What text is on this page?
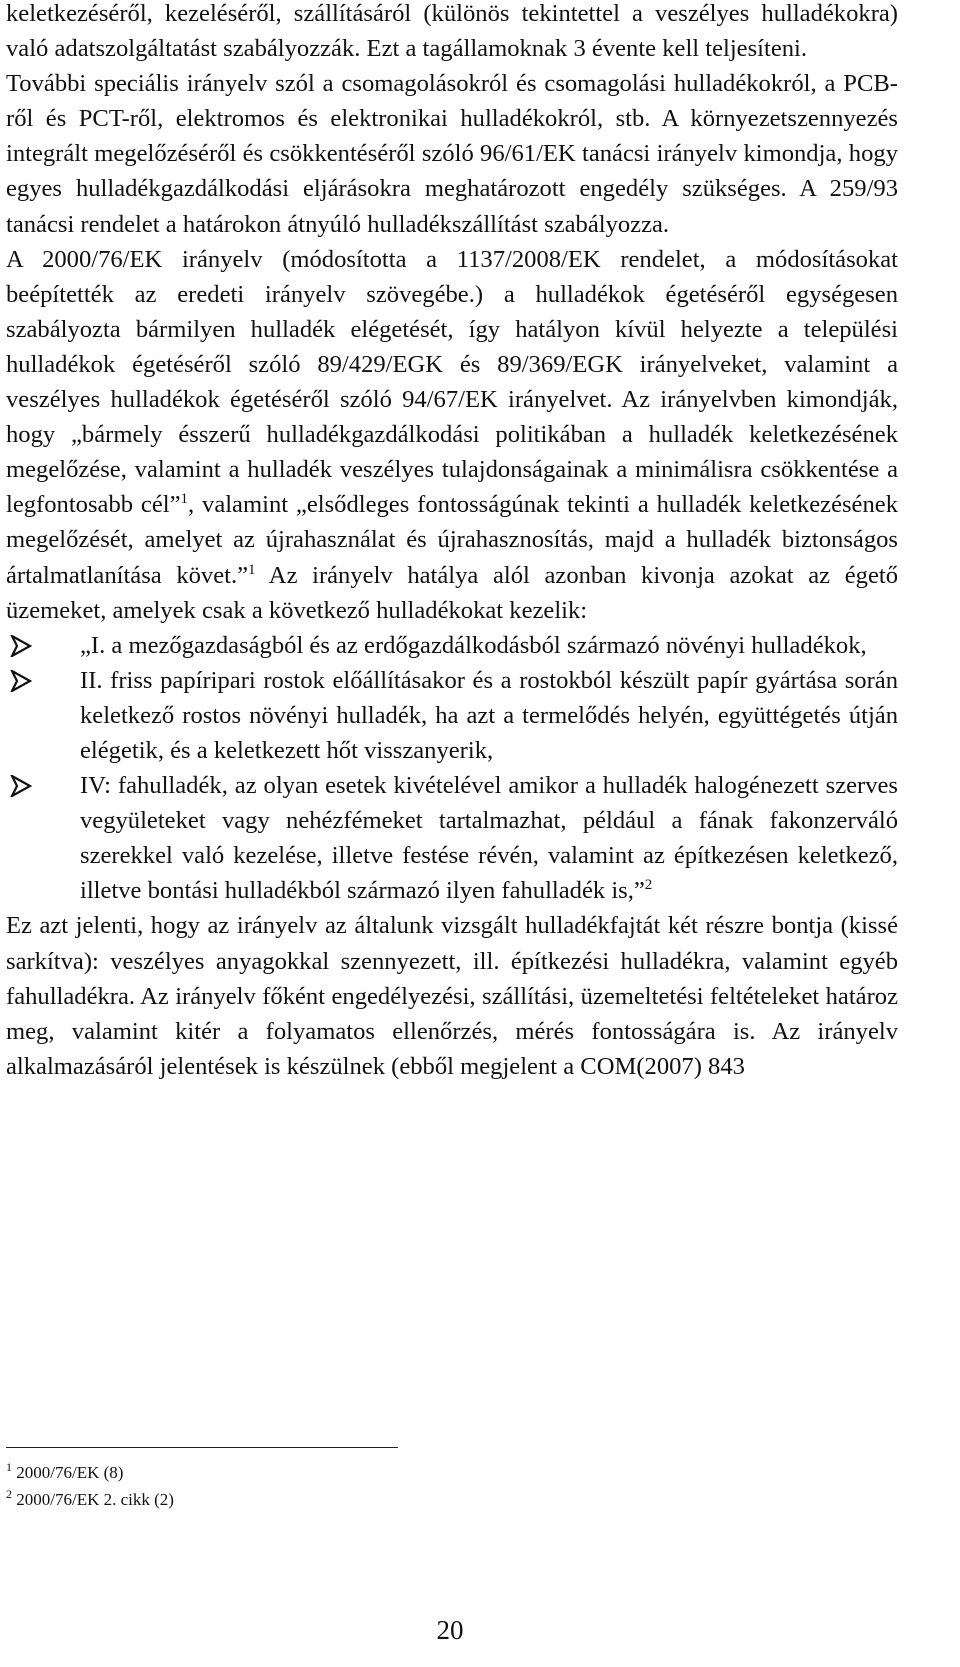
keletkezéséről, kezeléséről, szállításáról (különös tekintettel a veszélyes hulladékokra) való adatszolgáltatást szabályozzák. Ezt a tagállamoknak 3 évente kell teljesíteni.

További speciális irányelv szól a csomagolásokról és csomagolási hulladékokról, a PCB-ről és PCT-ről, elektromos és elektronikai hulladékokról, stb. A környezetszennyezés integrált megelőzéséről és csökkentéséről szóló 96/61/EK tanácsi irányelv kimondja, hogy egyes hulladékgazdálkodási eljárásokra meghatározott engedély szükséges. A 259/93 tanácsi rendelet a határokon átnyúló hulladékszállítást szabályozza.

A 2000/76/EK irányelv (módosította a 1137/2008/EK rendelet, a módosításokat beépítették az eredeti irányelv szövegébe.) a hulladékok égetéséről egységesen szabályozta bármilyen hulladék elégetését, így hatályon kívül helyezte a települési hulladékok égetéséről szóló 89/429/EGK és 89/369/EGK irányelveket, valamint a veszélyes hulladékok égetéséről szóló 94/67/EK irányelvet. Az irányelvben kimondják, hogy „bármely ésszerű hulladékgazdálkodási politikában a hulladék keletkezésének megelőzése, valamint a hulladék veszélyes tulajdonságainak a minimálisra csökkentése a legfontosabb cél”$^1$, valamint „elsődleges fontosságúnak tekinti a hulladék keletkezésének megelőzését, amelyet az újrahasználat és újrahasznosítás, majd a hulladék biztonságos ártalmatlanítása követ.”$^1$ Az irányelv hatálya alól azonban kivonja azokat az égető üzemeket, amelyek csak a következő hulladékokat kezelik:

„I. a mezőgazdaságból és az erdőgazdálkodásból származó növényi hulladékok,
II. friss papíripari rostok előállításakor és a rostokból készült papír gyártása során keletkező rostos növényi hulladék, ha azt a termelődés helyén, együttégetés útján elégetik, és a keletkezett hőt visszanyerik,
IV: fahulladék, az olyan esetek kivételével amikor a hulladék halogénezett szerves vegyületeket vagy nehézfémeket tartalmazhat, például a fának fakonzerváló szerekkel való kezelése, illetve festése révén, valamint az építkezésen keletkező, illetve bontási hulladékból származó ilyen fahulladék is,”$^2$

Ez azt jelenti, hogy az irányelv az általunk vizsgált hulladékfajtát két részre bontja (kissé sarkítva): veszélyes anyagokkal szennyezett, ill. építkezési hulladékra, valamint egyéb fahulladékra. Az irányelv főként engedélyezési, szállítási, üzemeltetési feltételeket határoz meg, valamint kitér a folyamatos ellenőrzés, mérés fontosságára is. Az irányelv alkalmazásáról jelentések is készülnek (ebből megjelent a COM(2007) 843

$^1$ 2000/76/EK (8)

$^2$ 2000/76/EK 2. cikk (2)

20
